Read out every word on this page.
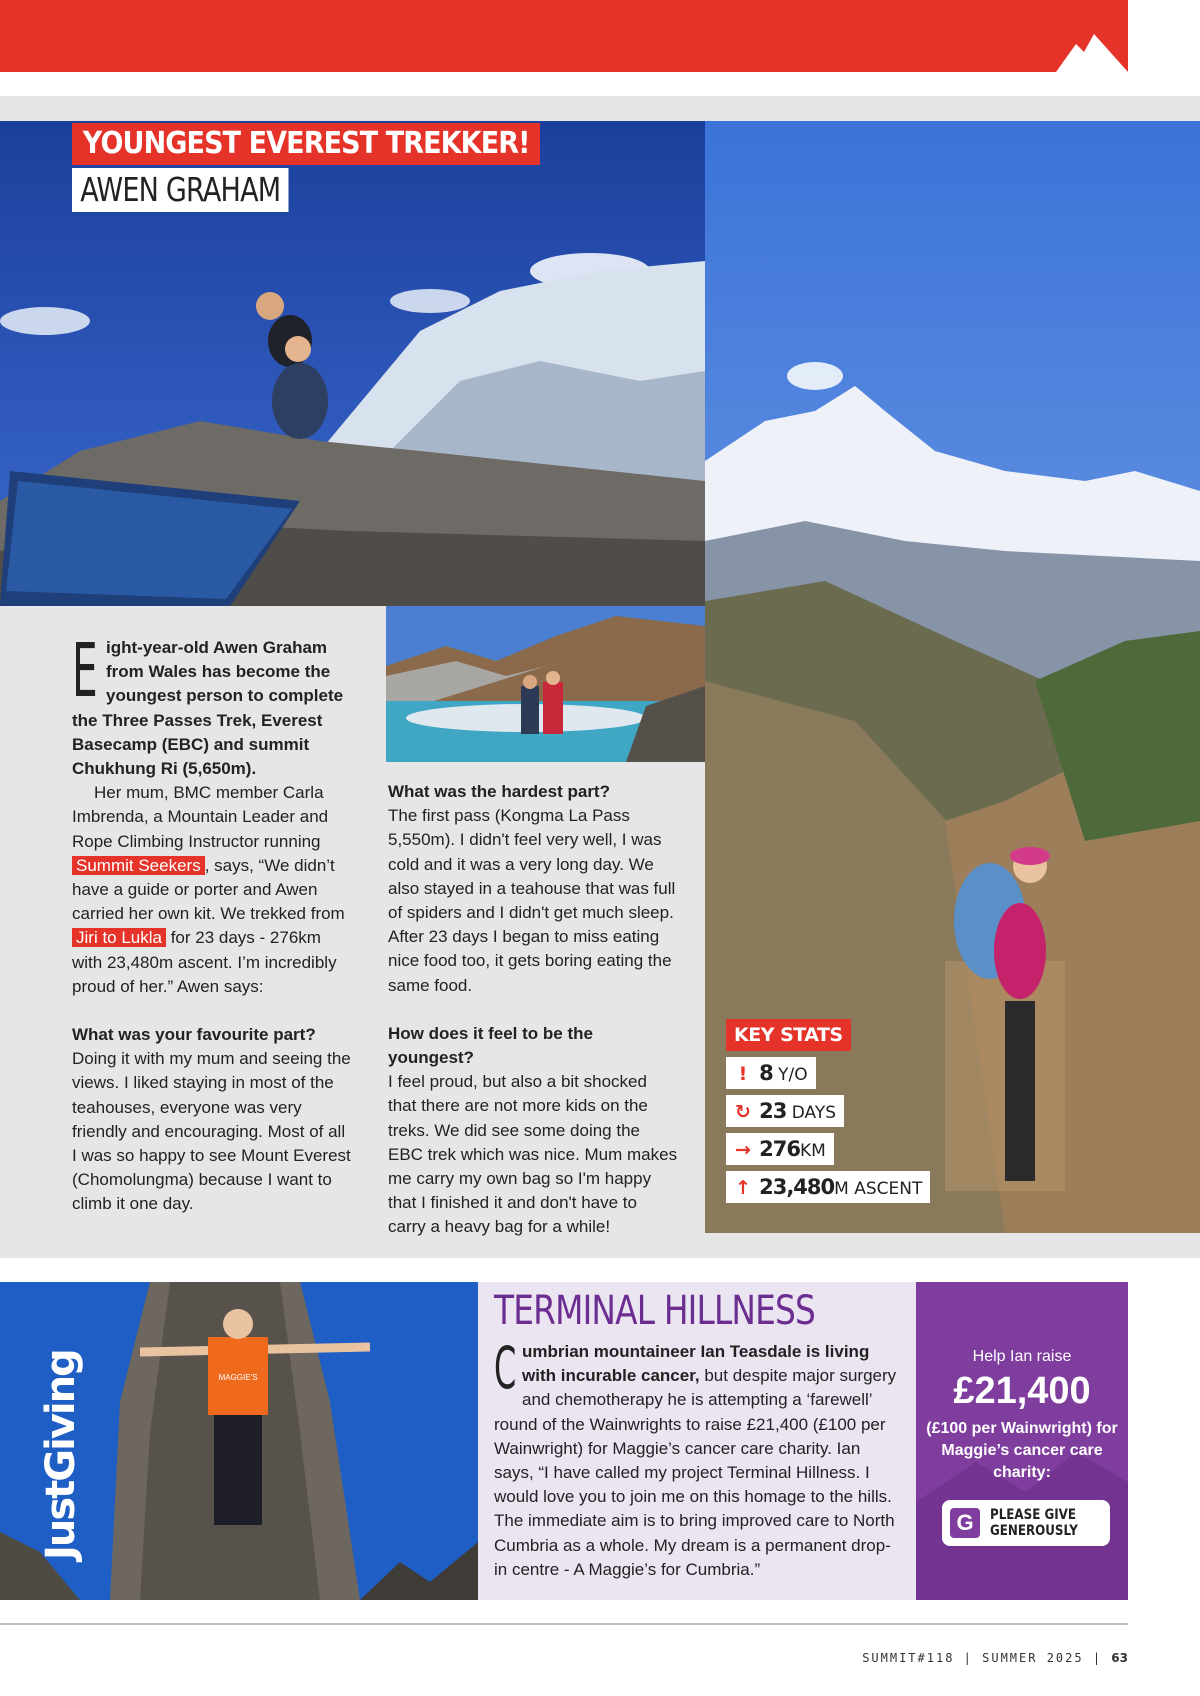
YOUNGEST EVEREST TREKKER!
AWEN GRAHAM

Eight-year-old Awen Graham from Wales has become the youngest person to complete the Three Passes Trek, Everest Basecamp (EBC) and summit Chukhung Ri (5,650m).

Her mum, BMC member Carla Imbrenda, a Mountain Leader and Rope Climbing Instructor running Summit Seekers , says, “We didn’t have a guide or porter and Awen carried her own kit. We trekked from Jiri to Lukla for 23 days - 276km with 23,480m ascent. I’m incredibly proud of her.” Awen says:

What was your favourite part?

Doing it with my mum and seeing the views. I liked staying in most of the teahouses, everyone was very friendly and encouraging. Most of all I was so happy to see Mount Everest (Chomolungma) because I want to climb it one day.

What was the hardest part?

The first pass (Kongma La Pass 5,550m). I didn't feel very well, I was cold and it was a very long day. We also stayed in a teahouse that was full of spiders and I didn't get much sleep. After 23 days I began to miss eating nice food too, it gets boring eating the same food.

How does it feel to be the youngest?

I feel proud, but also a bit shocked that there are not more kids on the treks. We did see some doing the EBC trek which was nice. Mum makes me carry my own bag so I'm happy that I finished it and don't have to carry a heavy bag for a while!

KEY STATS
! 8 Y/O
↻ 23 DAYS
→ 276KM
↑ 23,480M ASCENT
MAGGIE'S
JustGiving
TERMINAL HILLNESS

Cumbrian mountaineer Ian Teasdale is living with incurable cancer, but despite major surgery and chemotherapy he is attempting a ‘farewell’ round of the Wainwrights to raise £21,400 (£100 per Wainwright) for Maggie’s cancer care charity. Ian says, “I have called my project Terminal Hillness. I would love you to join me on this homage to the hills. The immediate aim is to bring improved care to North Cumbria as a whole. My dream is a permanent drop-in centre - A Maggie’s for Cumbria.”

Help Ian raise
£21,400
(£100 per Wainwright) for Maggie’s cancer care charity:
G	PLEASE GIVE GENEROUSLY
SUMMIT#118 | SUMMER 2025 | 63
